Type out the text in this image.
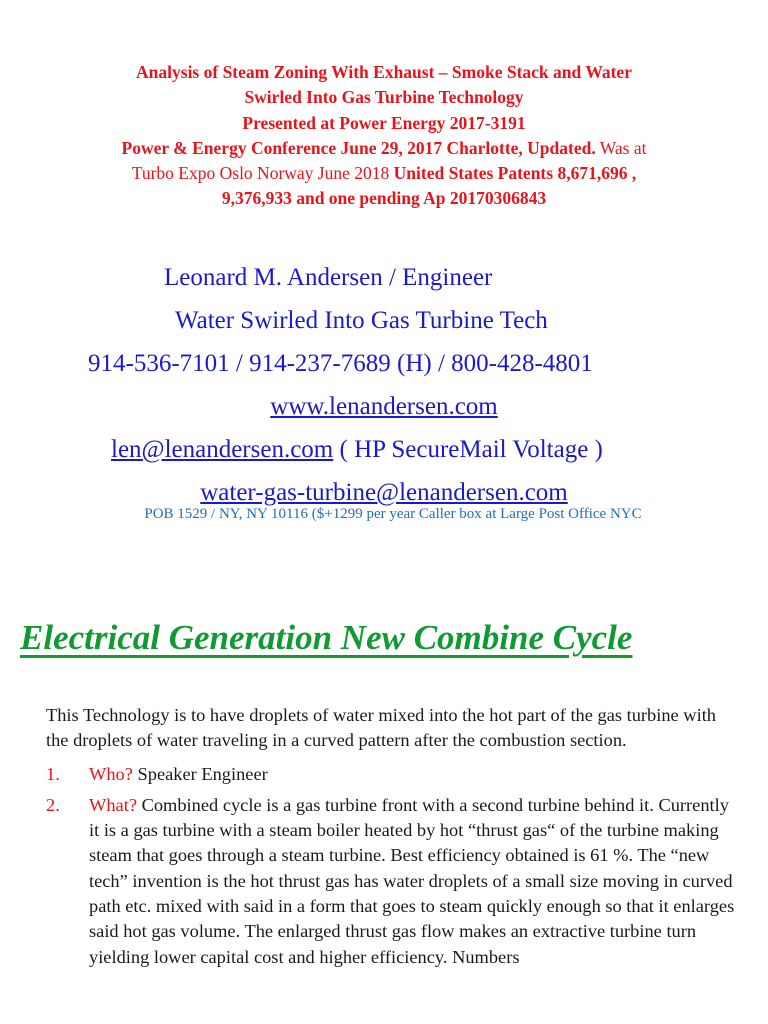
Analysis of Steam Zoning With Exhaust – Smoke Stack and Water
Swirled Into Gas Turbine Technology
Presented at Power Energy 2017-3191
Power & Energy Conference June 29, 2017 Charlotte, Updated. Was at
Turbo Expo Oslo Norway June 2018 United States Patents 8,671,696 ,
9,376,933 and one pending Ap 20170306843
Leonard M. Andersen / Engineer
Water Swirled Into Gas Turbine Tech
914-536-7101 / 914-237-7689 (H) / 800-428-4801
www.lenandersen.com
len@lenandersen.com ( HP SecureMail Voltage )
water-gas-turbine@lenandersen.com
POB 1529 / NY, NY 10116 ($+1299 per year Caller box at Large Post Office NYC
Electrical Generation New Combine Cycle

This Technology is to have droplets of water mixed into the hot part of the gas turbine with the droplets of water traveling in a curved pattern after the combustion section.

1. Who? Speaker Engineer
2. What? Combined cycle is a gas turbine front with a second turbine behind it. Currently it is a gas turbine with a steam boiler heated by hot “thrust gas“ of the turbine making steam that goes through a steam turbine. Best efficiency obtained is 61 %. The “new tech” invention is the hot thrust gas has water droplets of a small size moving in curved path etc. mixed with said in a form that goes to steam quickly enough so that it enlarges said hot gas volume. The enlarged thrust gas flow makes an extractive turbine turn yielding lower capital cost and higher efficiency. Numbers
